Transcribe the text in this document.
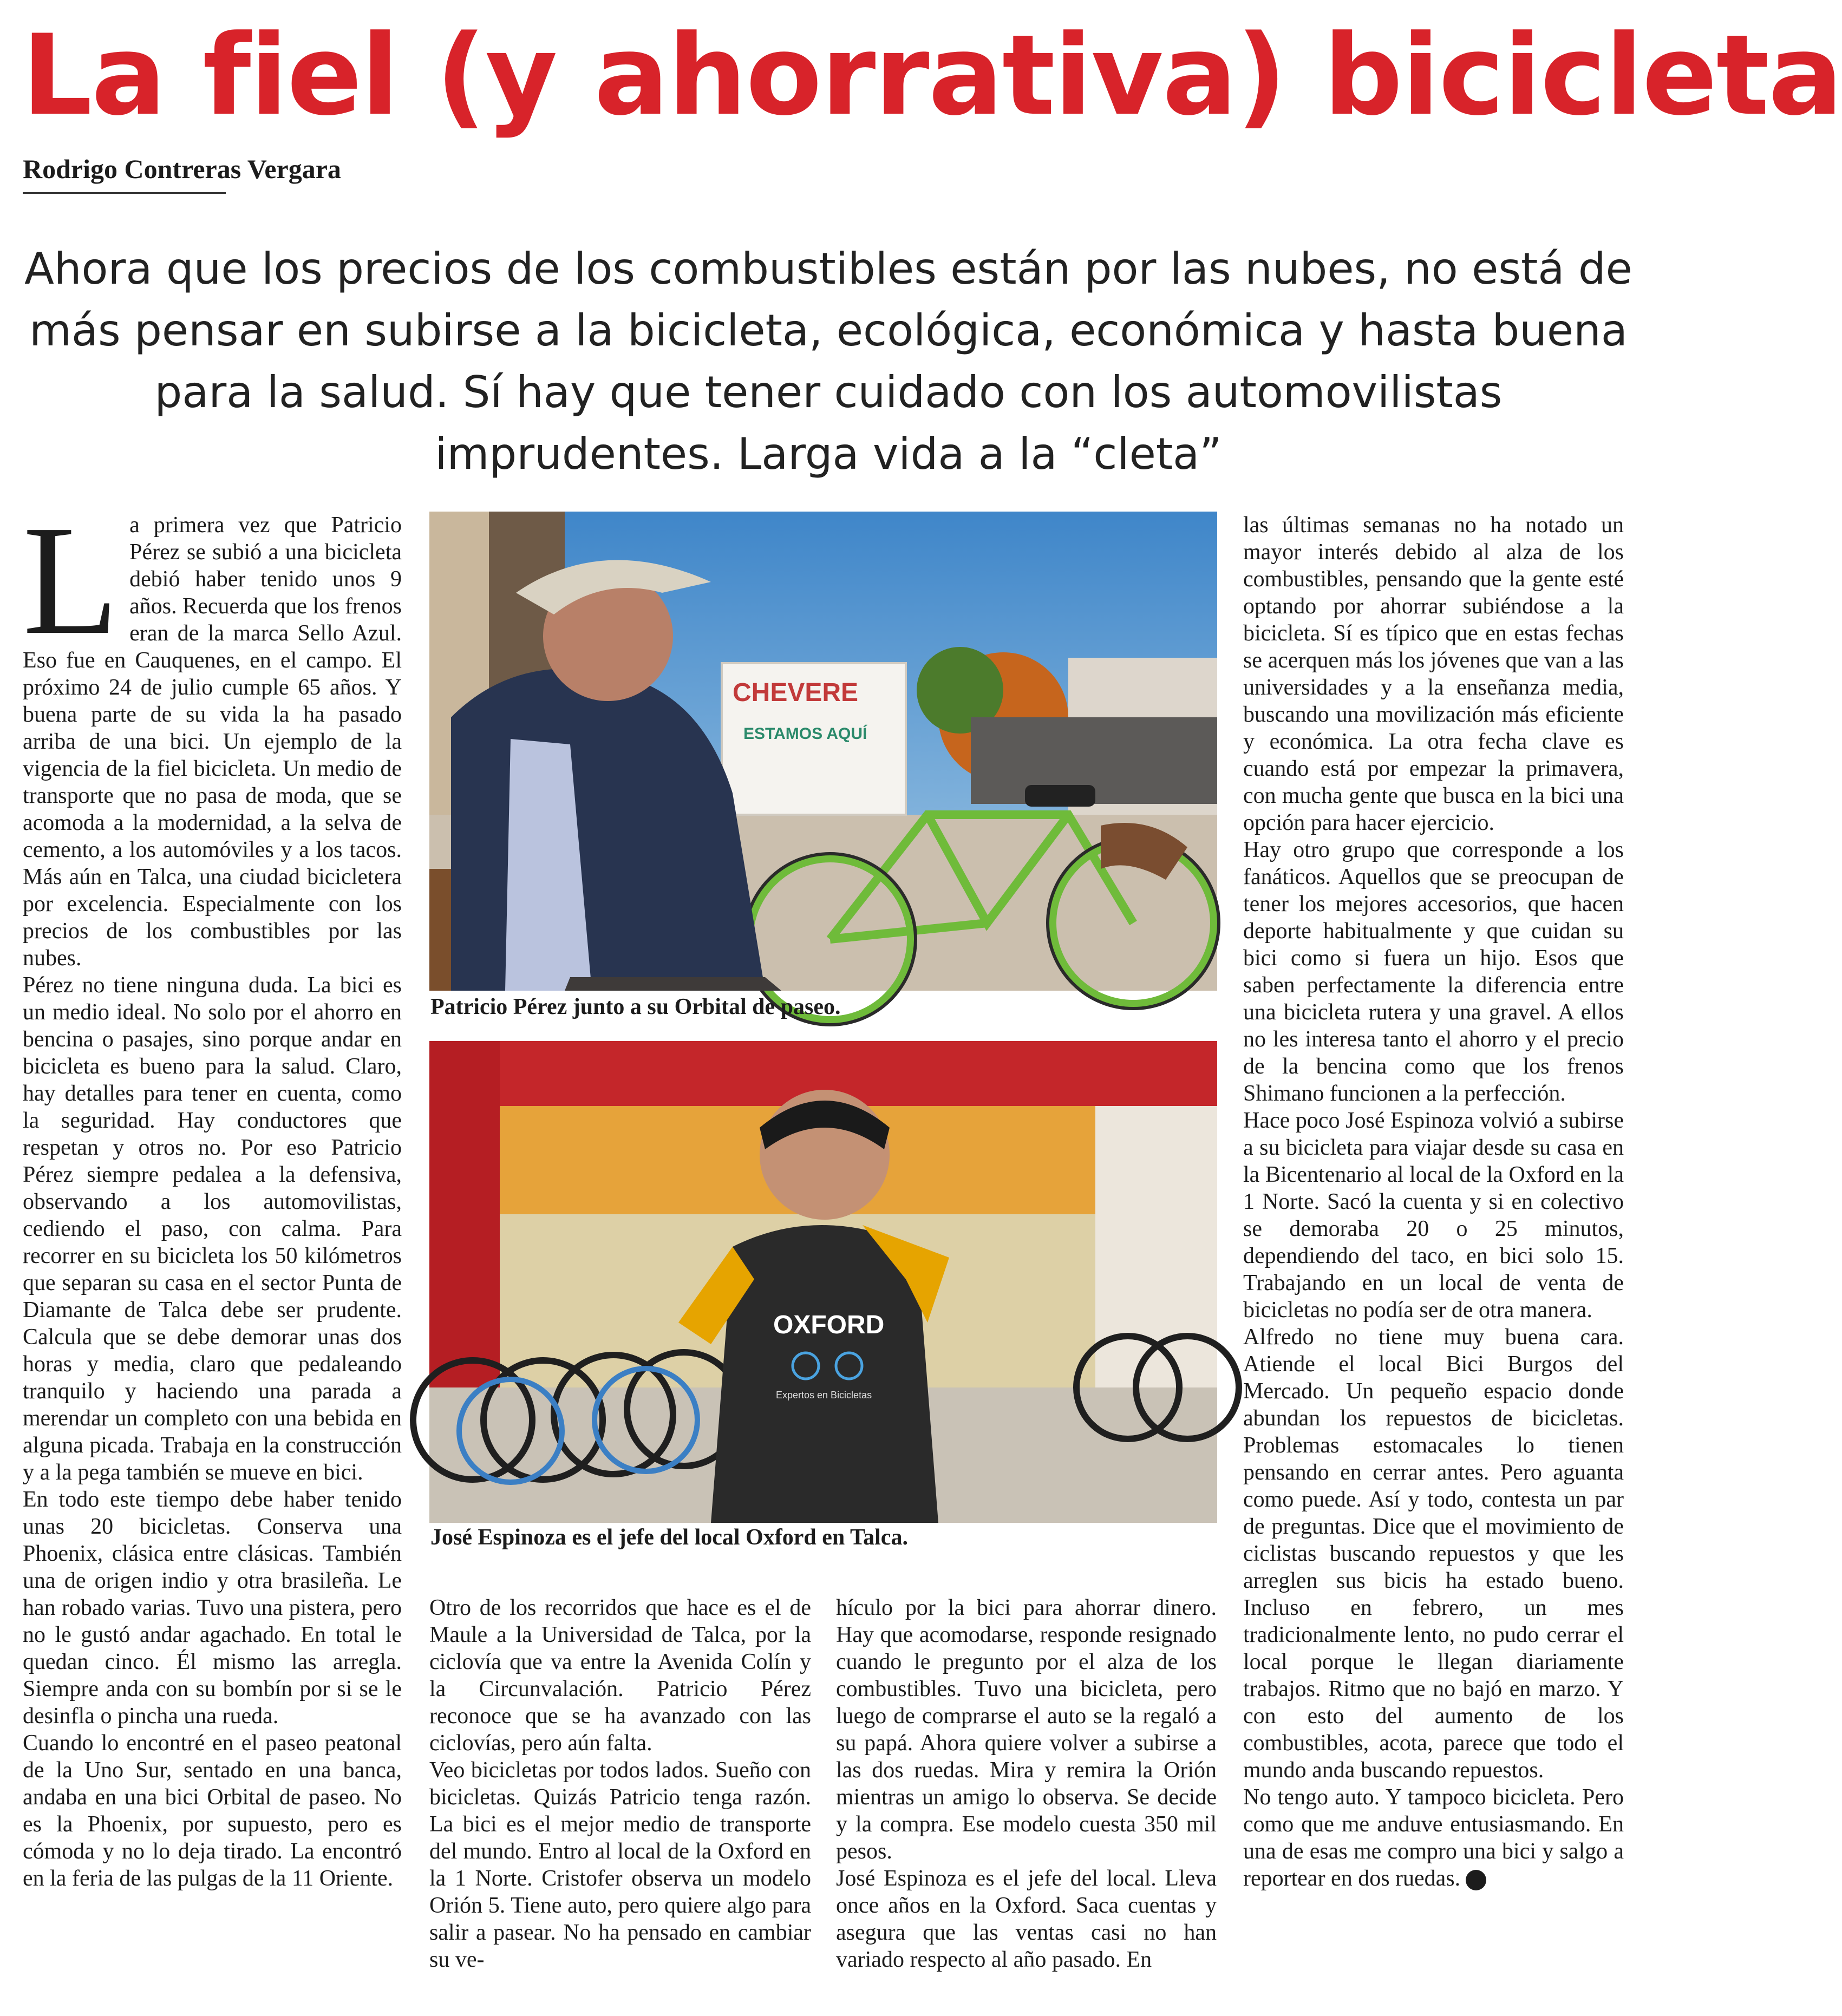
La fiel (y ahorrativa) bicicleta
Rodrigo Contreras Vergara

Ahora que los precios de los combustibles están por las nubes, no está de más pensar en subirse a la bicicleta, ecológica, económica y hasta buena para la salud. Sí hay que tener cuidado con los automovilistas imprudentes. Larga vida a la “cleta”

La primera vez que Patricio Pérez se subió a una bicicleta debió haber tenido unos 9 años. Recuerda que los frenos eran de la marca Sello Azul. Eso fue en Cauquenes, en el campo. El próximo 24 de julio cumple 65 años. Y buena parte de su vida la ha pasado arriba de una bici. Un ejemplo de la vigencia de la fiel bicicleta. Un medio de transporte que no pasa de moda, que se acomoda a la modernidad, a la selva de cemento, a los automóviles y a los tacos. Más aún en Talca, una ciudad bicicletera por excelencia. Especialmente con los precios de los combustibles por las nubes.

Pérez no tiene ninguna duda. La bici es un medio ideal. No solo por el ahorro en bencina o pasajes, sino porque andar en bicicleta es bueno para la salud. Claro, hay detalles para tener en cuenta, como la seguridad. Hay conductores que respetan y otros no. Por eso Patricio Pérez siempre pedalea a la defensiva, observando a los automovilistas, cediendo el paso, con calma. Para recorrer en su bicicleta los 50 kilómetros que separan su casa en el sector Punta de Diamante de Talca debe ser prudente. Calcula que se debe demorar unas dos horas y media, claro que pedaleando tranquilo y haciendo una parada a merendar un completo con una bebida en alguna picada. Trabaja en la construcción y a la pega también se mueve en bici.

En todo este tiempo debe haber tenido unas 20 bicicletas. Conserva una Phoenix, clásica entre clásicas. También una de origen indio y otra brasileña. Le han robado varias. Tuvo una pistera, pero no le gustó andar agachado. En total le quedan cinco. Él mismo las arregla. Siempre anda con su bombín por si se le desinfla o pincha una rueda.

Cuando lo encontré en el paseo peatonal de la Uno Sur, sentado en una banca, andaba en una bici Orbital de paseo. No es la Phoenix, por supuesto, pero es cómoda y no lo deja tirado. La encontró en la feria de las pulgas de la 11 Oriente.

CHEVERE
ESTAMOS AQUÍ

Patricio Pérez junto a su Orbital de paseo.

OXFORD
Expertos en Bicicletas

José Espinoza es el jefe del local Oxford en Talca.

Otro de los recorridos que hace es el de Maule a la Universidad de Talca, por la ciclovía que va entre la Avenida Colín y la Circunvalación. Patricio Pérez reconoce que se ha avanzado con las ciclovías, pero aún falta.

Veo bicicletas por todos lados. Sueño con bicicletas. Quizás Patricio tenga razón. La bici es el mejor medio de transporte del mundo. Entro al local de la Oxford en la 1 Norte. Cristofer observa un modelo Orión 5. Tiene auto, pero quiere algo para salir a pasear. No ha pensado en cambiar su ve-

hículo por la bici para ahorrar dinero. Hay que acomodarse, responde resignado cuando le pregunto por el alza de los combustibles. Tuvo una bicicleta, pero luego de comprarse el auto se la regaló a su papá. Ahora quiere volver a subirse a las dos ruedas. Mira y remira la Orión mientras un amigo lo observa. Se decide y la compra. Ese modelo cuesta 350 mil pesos.

José Espinoza es el jefe del local. Lleva once años en la Oxford. Saca cuentas y asegura que las ventas casi no han variado respecto al año pasado. En

las últimas semanas no ha notado un mayor interés debido al alza de los combustibles, pensando que la gente esté optando por ahorrar subiéndose a la bicicleta. Sí es típico que en estas fechas se acerquen más los jóvenes que van a las universidades y a la enseñanza media, buscando una movilización más eficiente y económica. La otra fecha clave es cuando está por empezar la primavera, con mucha gente que busca en la bici una opción para hacer ejercicio.

Hay otro grupo que corresponde a los fanáticos. Aquellos que se preocupan de tener los mejores accesorios, que hacen deporte habitualmente y que cuidan su bici como si fuera un hijo. Esos que saben perfectamente la diferencia entre una bicicleta rutera y una gravel. A ellos no les interesa tanto el ahorro y el precio de la bencina como que los frenos Shimano funcionen a la perfección.

Hace poco José Espinoza volvió a subirse a su bicicleta para viajar desde su casa en la Bicentenario al local de la Oxford en la 1 Norte. Sacó la cuenta y si en colectivo se demoraba 20 o 25 minutos, dependiendo del taco, en bici solo 15. Trabajando en un local de venta de bicicletas no podía ser de otra manera.

Alfredo no tiene muy buena cara. Atiende el local Bici Burgos del Mercado. Un pequeño espacio donde abundan los repuestos de bicicletas. Problemas estomacales lo tienen pensando en cerrar antes. Pero aguanta como puede. Así y todo, contesta un par de preguntas. Dice que el movimiento de ciclistas buscando repuestos y que les arreglen sus bicis ha estado bueno. Incluso en febrero, un mes tradicionalmente lento, no pudo cerrar el local porque le llegan diariamente trabajos. Ritmo que no bajó en marzo. Y con esto del aumento de los combustibles, acota, parece que todo el mundo anda buscando repuestos.

No tengo auto. Y tampoco bicicleta. Pero como que me anduve entusiasmando. En una de esas me compro una bici y salgo a reportear en dos ruedas.
